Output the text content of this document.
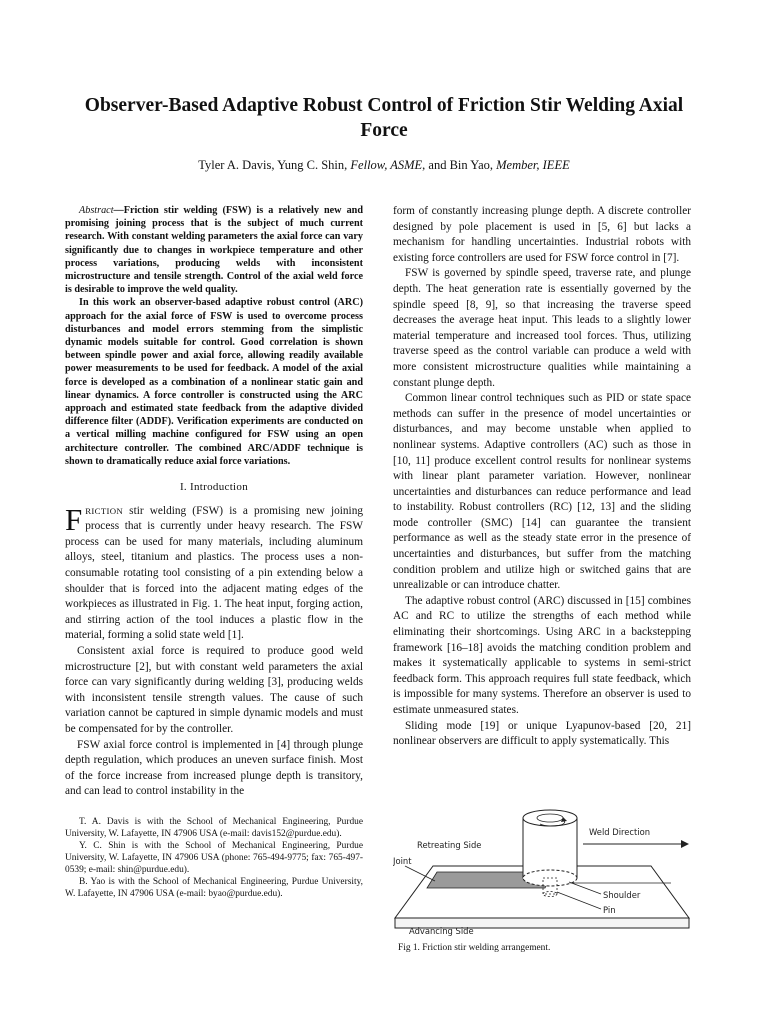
Observer-Based Adaptive Robust Control of Friction Stir Welding Axial Force
Tyler A. Davis, Yung C. Shin, Fellow, ASME, and Bin Yao, Member, IEEE

Abstract—Friction stir welding (FSW) is a relatively new and promising joining process that is the subject of much current research. With constant welding parameters the axial force can vary significantly due to changes in workpiece temperature and other process variations, producing welds with inconsistent microstructure and tensile strength. Control of the axial weld force is desirable to improve the weld quality.

In this work an observer-based adaptive robust control (ARC) approach for the axial force of FSW is used to overcome process disturbances and model errors stemming from the simplistic dynamic models suitable for control. Good correlation is shown between spindle power and axial force, allowing readily available power measurements to be used for feedback. A model of the axial force is developed as a combination of a nonlinear static gain and linear dynamics. A force controller is constructed using the ARC approach and estimated state feedback from the adaptive divided difference filter (ADDF). Verification experiments are conducted on a vertical milling machine configured for FSW using an open architecture controller. The combined ARC/ADDF technique is shown to dramatically reduce axial force variations.

I. Introduction

FRICTION stir welding (FSW) is a promising new joining process that is currently under heavy research. The FSW process can be used for many materials, including aluminum alloys, steel, titanium and plastics. The process uses a non-consumable rotating tool consisting of a pin extending below a shoulder that is forced into the adjacent mating edges of the workpieces as illustrated in Fig. 1. The heat input, forging action, and stirring action of the tool induces a plastic flow in the material, forming a solid state weld [1].

Consistent axial force is required to produce good weld microstructure [2], but with constant weld parameters the axial force can vary significantly during welding [3], producing welds with inconsistent tensile strength values. The cause of such variation cannot be captured in simple dynamic models and must be compensated for by the controller.

FSW axial force control is implemented in [4] through plunge depth regulation, which produces an uneven surface finish. Most of the force increase from increased plunge depth is transitory, and can lead to control instability in the

T. A. Davis is with the School of Mechanical Engineering, Purdue University, W. Lafayette, IN 47906 USA (e-mail: davis152@purdue.edu).

Y. C. Shin is with the School of Mechanical Engineering, Purdue University, W. Lafayette, IN 47906 USA (phone: 765-494-9775; fax: 765-497-0539; e-mail: shin@purdue.edu).

B. Yao is with the School of Mechanical Engineering, Purdue University, W. Lafayette, IN 47906 USA (e-mail: byao@purdue.edu).

form of constantly increasing plunge depth. A discrete controller designed by pole placement is used in [5, 6] but lacks a mechanism for handling uncertainties. Industrial robots with existing force controllers are used for FSW force control in [7].

FSW is governed by spindle speed, traverse rate, and plunge depth. The heat generation rate is essentially governed by the spindle speed [8, 9], so that increasing the traverse speed decreases the average heat input. This leads to a slightly lower material temperature and increased tool forces. Thus, utilizing traverse speed as the control variable can produce a weld with more consistent microstructure qualities while maintaining a constant plunge depth.

Common linear control techniques such as PID or state space methods can suffer in the presence of model uncertainties or disturbances, and may become unstable when applied to nonlinear systems. Adaptive controllers (AC) such as those in [10, 11] produce excellent control results for nonlinear systems with linear plant parameter variation. However, nonlinear uncertainties and disturbances can reduce performance and lead to instability. Robust controllers (RC) [12, 13] and the sliding mode controller (SMC) [14] can guarantee the transient performance as well as the steady state error in the presence of uncertainties and disturbances, but suffer from the matching condition problem and utilize high or switched gains that are unrealizable or can introduce chatter.

The adaptive robust control (ARC) discussed in [15] combines AC and RC to utilize the strengths of each method while eliminating their shortcomings. Using ARC in a backstepping framework [16–18] avoids the matching condition problem and makes it systematically applicable to systems in semi-strict feedback form. This approach requires full state feedback, which is impossible for many systems. Therefore an observer is used to estimate unmeasured states.

Sliding mode [19] or unique Lyapunov-based [20, 21] nonlinear observers are difficult to apply systematically. This

Weld Direction
Retreating Side
Joint
Shoulder
Pin
Advancing Side
Fig 1. Friction stir welding arrangement.
